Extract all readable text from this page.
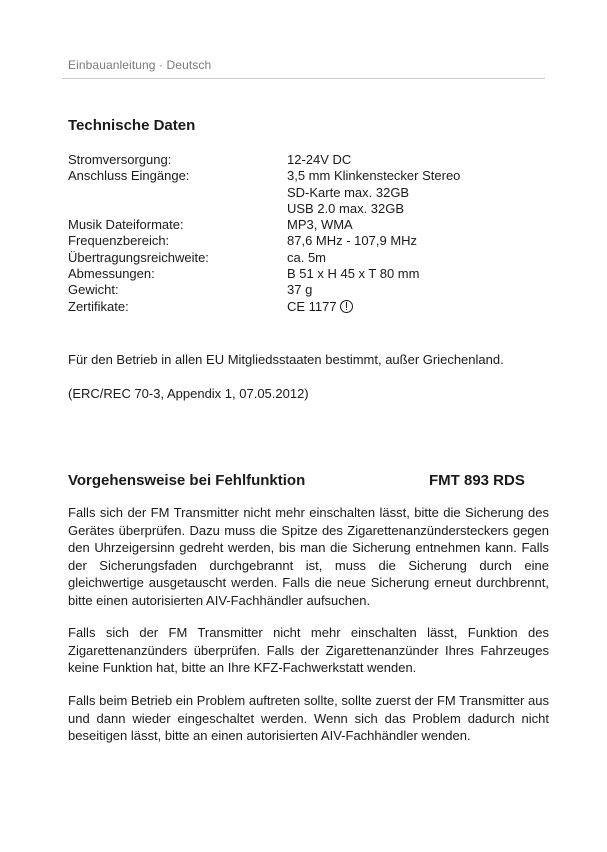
Einbauanleitung · Deutsch
Technische Daten
Stromversorgung:	12-24V DC
Anschluss Eingänge:	3,5 mm Klinkenstecker Stereo
SD-Karte max. 32GB
USB 2.0 max. 32GB
Musik Dateiformate:	MP3, WMA
Frequenzbereich:	87,6 MHz - 107,9 MHz
Übertragungsreichweite:	ca. 5m
Abmessungen:	B 51 x H 45 x T 80 mm
Gewicht:	37 g
Zertifikate:	CE 1177
Für den Betrieb in allen EU Mitgliedsstaaten bestimmt, außer Griechenland.
(ERC/REC 70-3, Appendix 1, 07.05.2012)
Vorgehensweise bei Fehlfunktion	FMT 893 RDS
Falls sich der FM Transmitter nicht mehr einschalten lässt, bitte die Sicherung des Gerätes überprüfen. Dazu muss die Spitze des Zigarettenanzündersteckers gegen den Uhrzeigersinn gedreht werden, bis man die Sicherung entnehmen kann. Falls der Sicherungsfaden durchgebrannt ist, muss die Sicherung durch eine gleichwertige ausgetauscht werden. Falls die neue Sicherung erneut durchbrennt, bitte einen autorisierten AIV-Fachhändler aufsuchen.
Falls sich der FM Transmitter nicht mehr einschalten lässt, Funktion des Zigarettenanzünders überprüfen. Falls der Zigarettenanzünder Ihres Fahrzeuges keine Funktion hat, bitte an Ihre KFZ-Fachwerkstatt wenden.
Falls beim Betrieb ein Problem auftreten sollte, sollte zuerst der FM Transmitter aus und dann wieder eingeschaltet werden. Wenn sich das Problem dadurch nicht beseitigen lässt, bitte an einen autorisierten AIV-Fachhändler wenden.
